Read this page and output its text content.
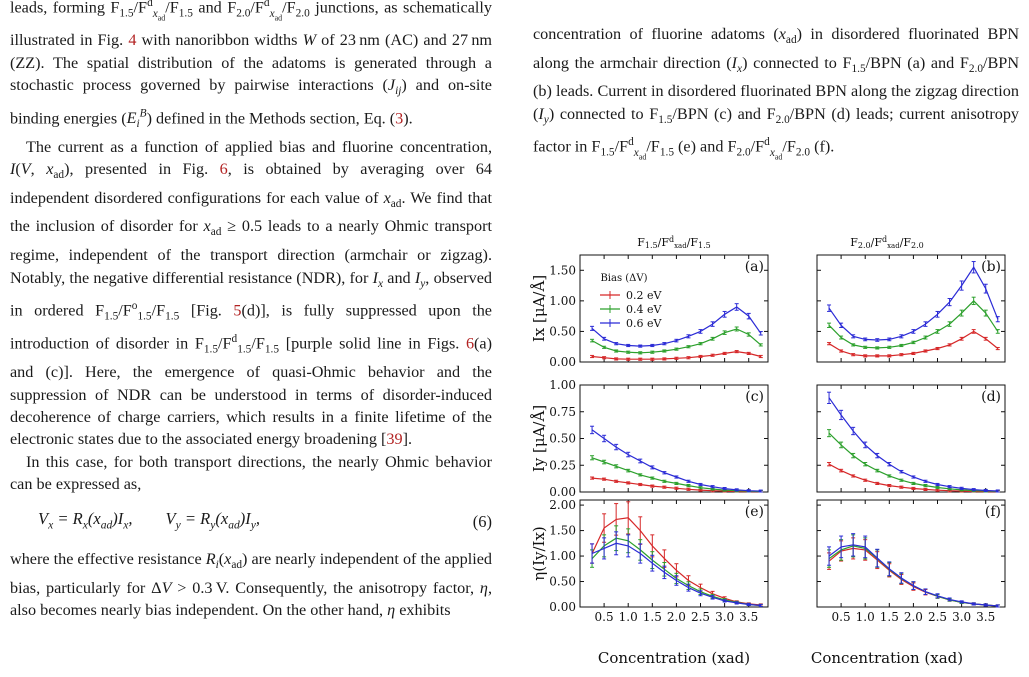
leads, forming $F_{1.5}/F^d_{x_{ad}}/F_{1.5}$ and $F_{2.0}/F^d_{x_{ad}}/F_{2.0}$ junctions, as schematically illustrated in Fig. 4 with nanoribbon widths W of 23 nm (AC) and 27 nm (ZZ). The spatial distribution of the adatoms is generated through a stochastic process governed by pairwise interactions $(J_{ij})$ and on-site binding energies $(E_i^B)$ defined in the Methods section, Eq. (3).

The current as a function of applied bias and fluorine concentration, I(V, $x_{ad}$), presented in Fig. 6, is obtained by averaging over 64 independent disordered configurations for each value of $x_{ad}$. We find that the inclusion of disorder for $x_{ad} \ge 0.5$ leads to a nearly Ohmic transport regime, independent of the transport direction (armchair or zigzag). Notably, the negative differential resistance (NDR), for $I_x$ and $I_y$, observed in ordered $F_{1.5}/F^o_{1.5}/F_{1.5}$ [Fig. 5(d)], is fully suppressed upon the introduction of disorder in $F_{1.5}/F^d_{1.5}/F_{1.5}$ [purple solid line in Figs. 6(a) and (c)]. Here, the emergence of quasi-Ohmic behavior and the suppression of NDR can be understood in terms of disorder-induced decoherence of charge carriers, which results in a finite lifetime of the electronic states due to the associated energy broadening [39].

In this case, for both transport directions, the nearly Ohmic behavior can be expressed as,

$V_x = R_x(x_{ad})I_x$,        $V_y = R_y(x_{ad})I_y$,	(6)

where the effective resistance $R_i(x_{ad})$ are nearly independent of the applied bias, particularly for ΔV > 0.3 V. Consequently, the anisotropy factor, η, also becomes nearly bias independent. On the other hand, η exhibits

concentration of fluorine adatoms $(x_{ad})$ in disordered fluorinated BPN along the armchair direction $(I_x)$ connected to $F_{1.5}$/BPN (a) and $F_{2.0}$/BPN (b) leads. Current in disordered fluorinated BPN along the zigzag direction $(I_y)$ connected to $F_{1.5}$/BPN (c) and $F_{2.0}$/BPN (d) leads; current anisotropy factor in $F_{1.5}/F^d_{x_{ad}}/F_{1.5}$ (e) and $F_{2.0}/F^d_{x_{ad}}/F_{2.0}$ (f).

$F1.5/F^d_{xad}/F1.5$	$F2.0/F^d_{xad}/F2.0$
0.00
0.50
1.00
1.50	(a)
Ix [μA/Å]
(b)
0.00
0.25
0.50
0.75
1.00
(c)
Iy [μA/Å]
(d)
0.00
0.50
1.00
1.50
2.00
0.5 1.0 1.5 2.0 2.5 3.0 3.5
(e)
η(Iy/Ix)
0.5 1.0 1.5 2.0 2.5 3.0 3.5
(f)
Bias (ΔV)
0.2 eV
0.4 eV
0.6 eV
Concentration (xad)	Concentration (xad)
